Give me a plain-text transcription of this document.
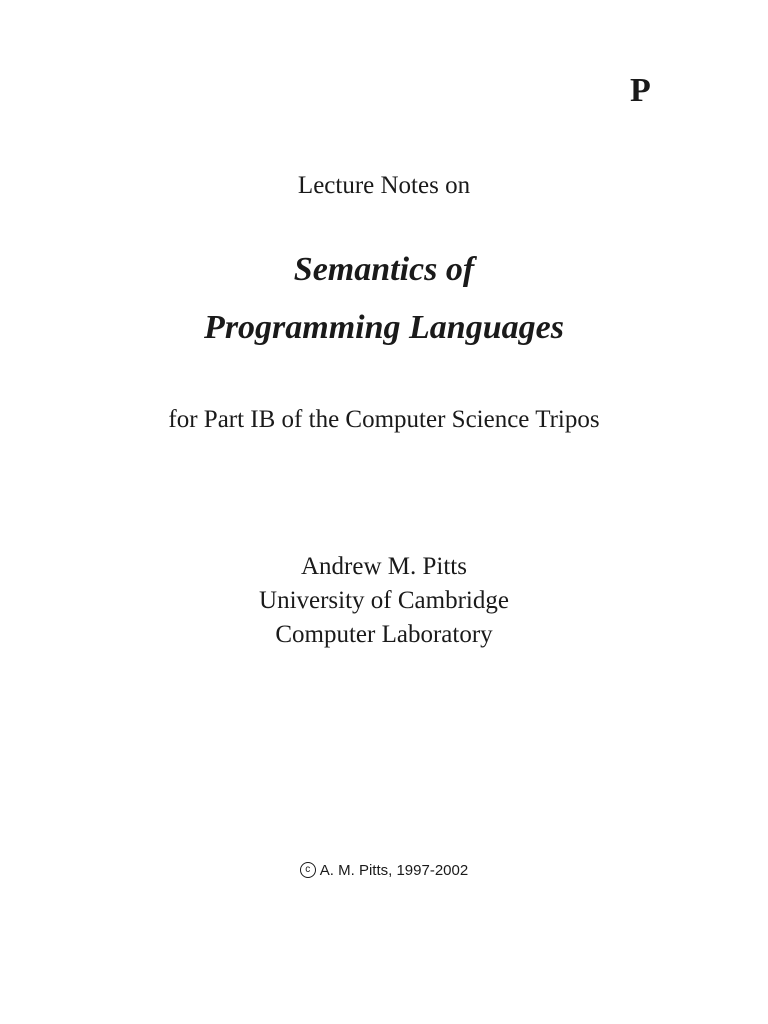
P
Lecture Notes on
Semantics of
Programming Languages
for Part IB of the Computer Science Tripos
Andrew M. Pitts
University of Cambridge
Computer Laboratory
c A. M. Pitts, 1997-2002
